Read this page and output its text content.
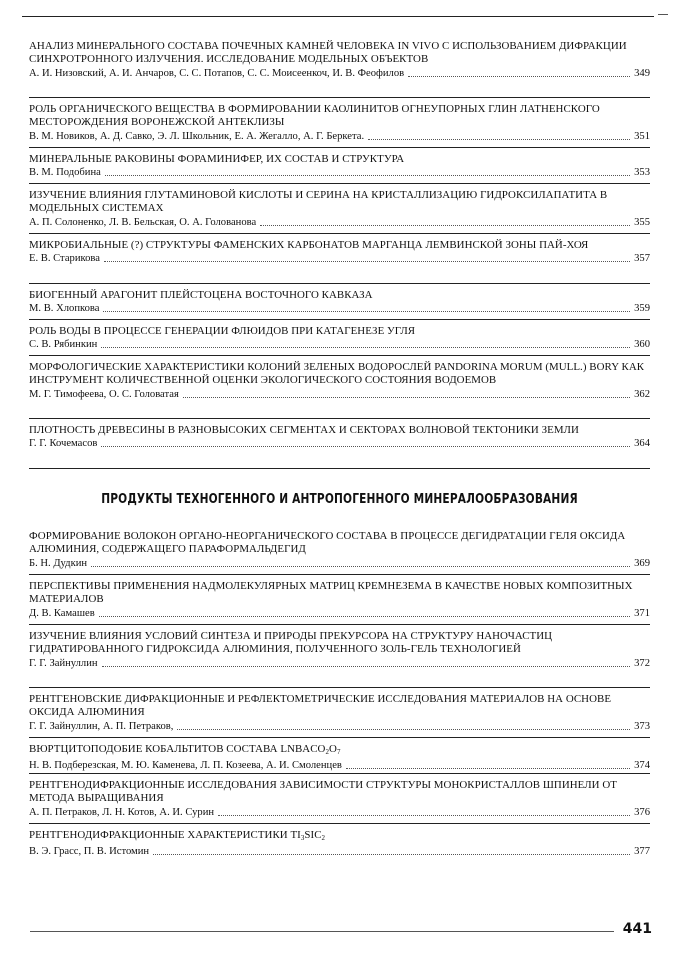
АНАЛИЗ МИНЕРАЛЬНОГО СОСТАВА ПОЧЕЧНЫХ КАМНЕЙ ЧЕЛОВЕКА IN VIVO С ИСПОЛЬЗОВАНИЕМ ДИФРАКЦИИ СИНХРОТРОННОГО ИЗЛУЧЕНИЯ. ИССЛЕДОВАНИЕ МОДЕЛЬНЫХ ОБЪЕКТОВ
А. И. Низовский, А. И. Анчаров, С. С. Потапов, С. С. Моисеенкоч, И. В. Феофилов	349
РОЛЬ ОРГАНИЧЕСКОГО ВЕЩЕСТВА В ФОРМИРОВАНИИ КАОЛИНИТОВ ОГНЕУПОРНЫХ ГЛИН ЛАТНЕНСКОГО МЕСТОРОЖДЕНИЯ ВОРОНЕЖСКОЙ АНТЕКЛИЗЫ
В. М. Новиков, А. Д. Савко, Э. Л. Школьник, Е. А. Жегалло, А. Г. Беркета.	351
МИНЕРАЛЬНЫЕ РАКОВИНЫ ФОРАМИНИФЕР, ИХ СОСТАВ И СТРУКТУРА
В. М. Подобина	353
ИЗУЧЕНИЕ ВЛИЯНИЯ ГЛУТАМИНОВОЙ КИСЛОТЫ И СЕРИНА НА КРИСТАЛЛИЗАЦИЮ ГИДРОКСИЛАПАТИТА В МОДЕЛЬНЫХ СИСТЕМАХ
А. П. Солоненко, Л. В. Бельская, О. А. Голованова	355
МИКРОБИАЛЬНЫЕ (?) СТРУКТУРЫ ФАМЕНСКИХ КАРБОНАТОВ МАРГАНЦА ЛЕМВИНСКОЙ ЗОНЫ ПАЙ-ХОЯ
Е. В. Старикова	357
БИОГЕННЫЙ АРАГОНИТ ПЛЕЙСТОЦЕНА ВОСТОЧНОГО КАВКАЗА
М. В. Хлопкова	359
РОЛЬ ВОДЫ В ПРОЦЕССЕ ГЕНЕРАЦИИ ФЛЮИДОВ ПРИ КАТАГЕНЕЗЕ УГЛЯ
С. В. Рябинкин	360
МОРФОЛОГИЧЕСКИЕ ХАРАКТЕРИСТИКИ КОЛОНИЙ ЗЕЛЕНЫХ ВОДОРОСЛЕЙ PANDORINA MORUM (MULL.) BORY КАК ИНСТРУМЕНТ КОЛИЧЕСТВЕННОЙ ОЦЕНКИ ЭКОЛОГИЧЕСКОГО СОСТОЯНИЯ ВОДОЕМОВ
М. Г. Тимофеева, О. С. Головатая	362
ПЛОТНОСТЬ ДРЕВЕСИНЫ В РАЗНОВЫСОКИХ СЕГМЕНТАХ И СЕКТОРАХ ВОЛНОВОЙ ТЕКТОНИКИ ЗЕМЛИ
Г. Г. Кочемасов	364
ПРОДУКТЫ ТЕХНОГЕННОГО И АНТРОПОГЕННОГО МИНЕРАЛООБРАЗОВАНИЯ
ФОРМИРОВАНИЕ ВОЛОКОН ОРГАНО-НЕОРГАНИЧЕСКОГО СОСТАВА В ПРОЦЕССЕ ДЕГИДРАТАЦИИ ГЕЛЯ ОКСИДА АЛЮМИНИЯ, СОДЕРЖАЩЕГО ПАРАФОРМАЛЬДЕГИД
Б. Н. Дудкин	369
ПЕРСПЕКТИВЫ ПРИМЕНЕНИЯ НАДМОЛЕКУЛЯРНЫХ МАТРИЦ КРЕМНЕЗЕМА В КАЧЕСТВЕ НОВЫХ КОМПОЗИТНЫХ МАТЕРИАЛОВ
Д. В. Камашев	371
ИЗУЧЕНИЕ ВЛИЯНИЯ УСЛОВИЙ СИНТЕЗА И ПРИРОДЫ ПРЕКУРСОРА НА СТРУКТУРУ НАНОЧАСТИЦ ГИДРАТИРОВАННОГО ГИДРОКСИДА АЛЮМИНИЯ, ПОЛУЧЕННОГО ЗОЛЬ-ГЕЛЬ ТЕХНОЛОГИЕЙ
Г. Г. Зайнуллин	372
РЕНТГЕНОВСКИЕ ДИФРАКЦИОННЫЕ И РЕФЛЕКТОМЕТРИЧЕСКИЕ ИССЛЕДОВАНИЯ МАТЕРИАЛОВ НА ОСНОВЕ ОКСИДА АЛЮМИНИЯ
Г. Г. Зайнуллин, А. П. Петраков,	373
ВЮРТЦИТОПОДОБИЕ КОБАЛЬТИТОВ СОСТАВА $LNBACO_2O_7$
Н. В. Подберезская, М. Ю. Каменева, Л. П. Козеева, А. И. Смоленцев	374
РЕНТГЕНОДИФРАКЦИОННЫЕ ИССЛЕДОВАНИЯ ЗАВИСИМОСТИ СТРУКТУРЫ МОНОКРИСТАЛЛОВ ШПИНЕЛИ ОТ МЕТОДА ВЫРАЩИВАНИЯ
А. П. Петраков, Л. Н. Котов, А. И. Сурин	376
РЕНТГЕНОДИФРАКЦИОННЫЕ ХАРАКТЕРИСТИКИ $TI_3SIC_2$
В. Э. Грасс, П. В. Истомин	377
441
